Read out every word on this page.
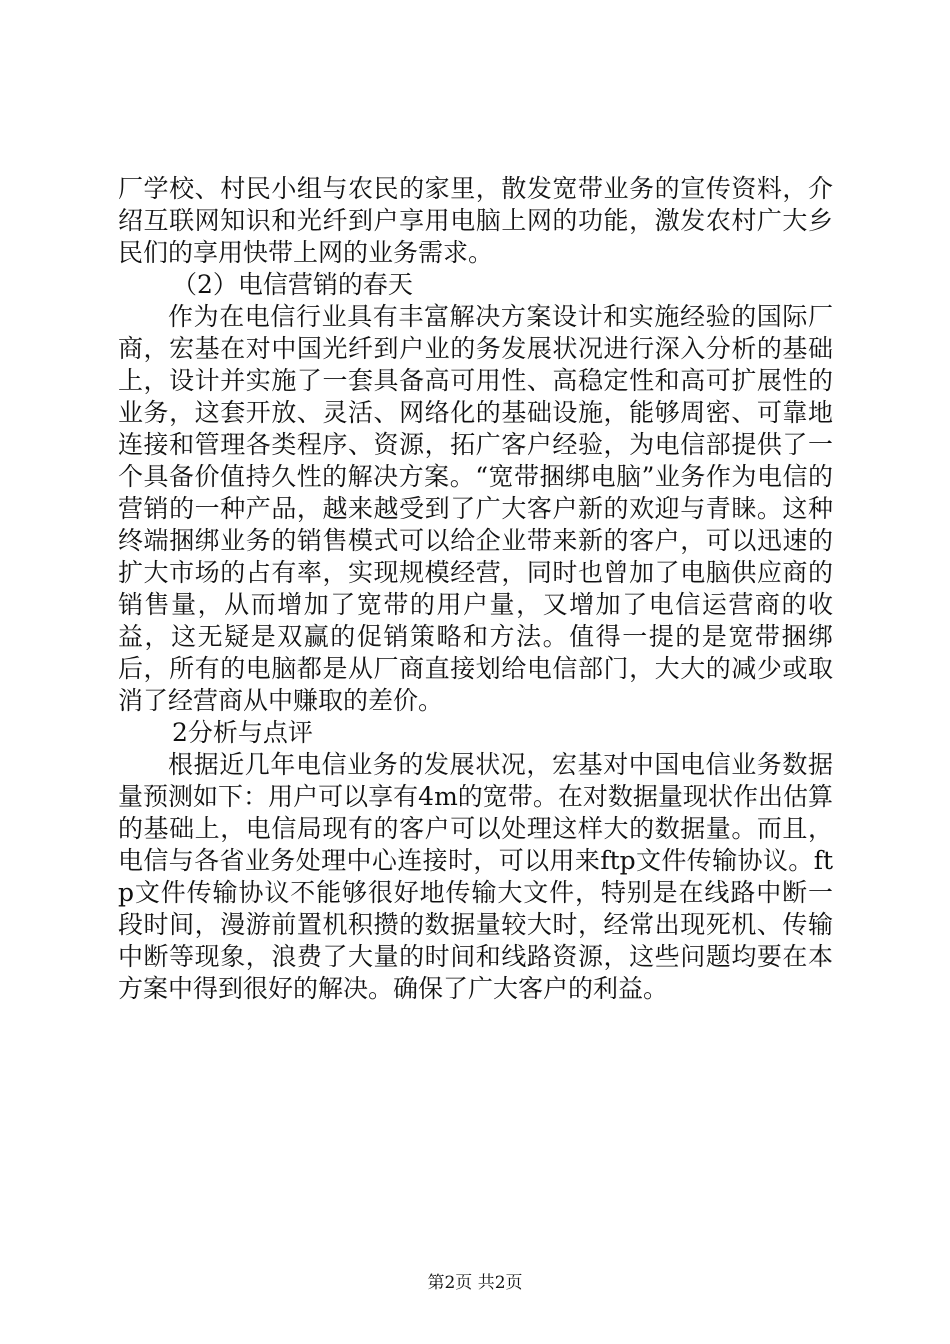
厂学校、村民小组与农民的家里，散发宽带业务的宣传资料，介绍互联网知识和光纤到户享用电脑上网的功能，激发农村广大乡民们的享用快带上网的业务需求。

（2）电信营销的春天

作为在电信行业具有丰富解决方案设计和实施经验的国际厂商，宏基在对中国光纤到户业的务发展状况进行深入分析的基础上，设计并实施了一套具备高可用性、高稳定性和高可扩展性的业务，这套开放、灵活、网络化的基础设施，能够周密、可靠地连接和管理各类程序、资源，拓广客户经验，为电信部提供了一个具备价值持久性的解决方案。“宽带捆绑电脑”业务作为电信的营销的一种产品，越来越受到了广大客户新的欢迎与青睐。这种终端捆绑业务的销售模式可以给企业带来新的客户，可以迅速的扩大市场的占有率，实现规模经营，同时也曾加了电脑供应商的销售量，从而增加了宽带的用户量，又增加了电信运营商的收益，这无疑是双赢的促销策略和方法。值得一提的是宽带捆绑后，所有的电脑都是从厂商直接划给电信部门，大大的减少或取消了经营商从中赚取的差价。

2分析与点评

根据近几年电信业务的发展状况，宏基对中国电信业务数据量预测如下：用户可以享有4m的宽带。在对数据量现状作出估算的基础上，电信局现有的客户可以处理这样大的数据量。而且，电信与各省业务处理中心连接时，可以用来ftp文件传输协议。ftp文件传输协议不能够很好地传输大文件，特别是在线路中断一段时间，漫游前置机积攒的数据量较大时，经常出现死机、传输中断等现象，浪费了大量的时间和线路资源，这些问题均要在本方案中得到很好的解决。确保了广大客户的利益。

第2页 共2页
